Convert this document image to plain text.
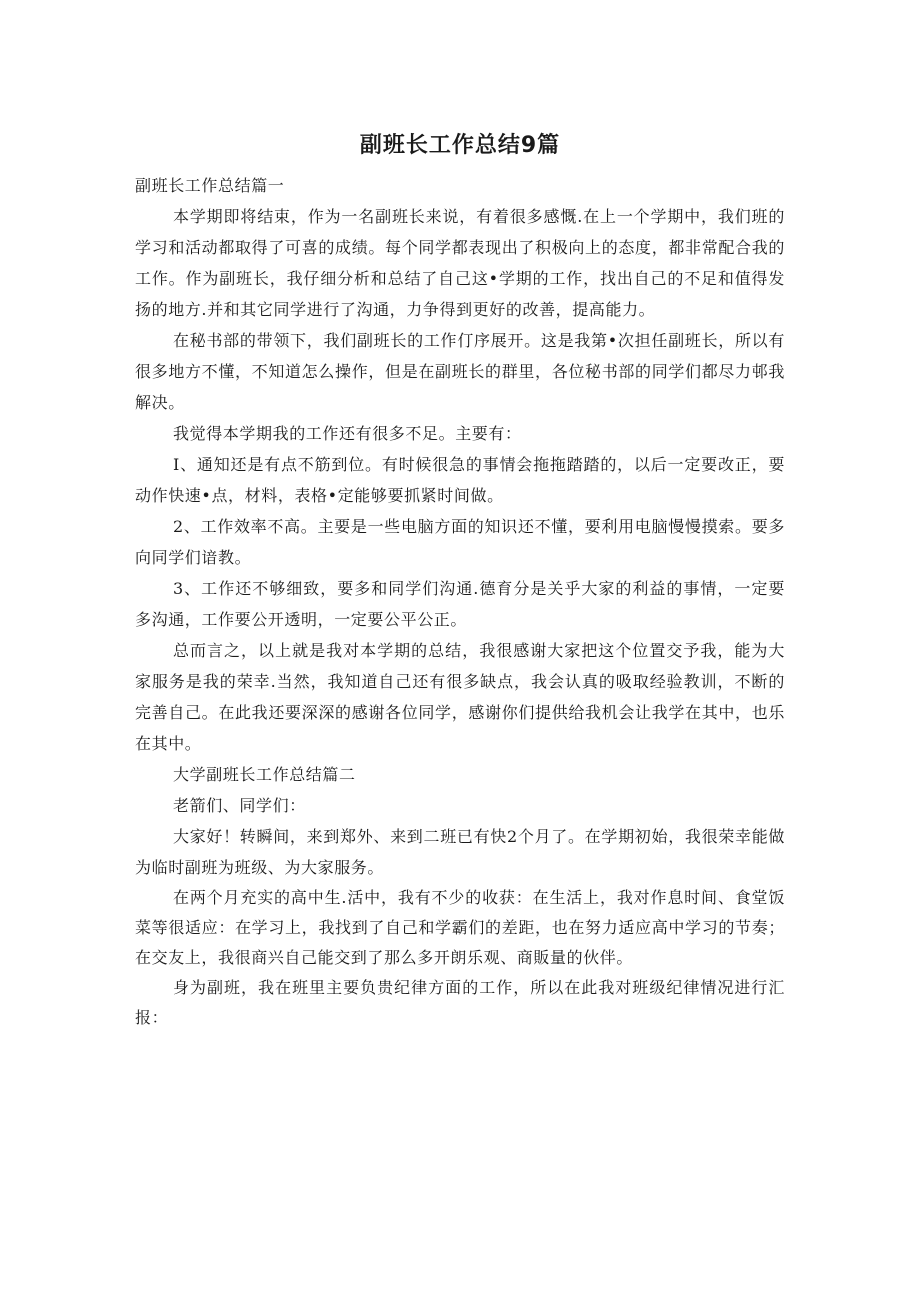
副班长工作总结9篇

副班长工作总结篇一

本学期即将结束，作为一名副班长来说，有着很多感慨.在上一个学期中，我们班的学习和活动都取得了可喜的成绩。每个同学都表现出了积极向上的态度，都非常配合我的工作。作为副班长，我仔细分析和总结了自己这•学期的工作，找出自己的不足和值得发扬的地方.并和其它同学进行了沟通，力争得到更好的改善，提高能力。

在秘书部的带领下，我们副班长的工作仃序展开。这是我第•次担任副班长，所以有很多地方不懂，不知道怎么操作，但是在副班长的群里，各位秘书部的同学们都尽力邨我解决。

我觉得本学期我的工作还有很多不足。主要有：

I、通知还是有点不筋到位。有时候很急的事情会拖拖踏踏的，以后一定要改正，要动作快速•点，材料，表格•定能够要抓紧时间做。

2、工作效率不高。主要是一些电脑方面的知识还不懂，要利用电脑慢慢摸索。要多向同学们谙教。

3、工作还不够细致，要多和同学们沟通.德育分是关乎大家的利益的事情，一定要多沟通，工作要公开透明，一定要公平公正。

总而言之，以上就是我对本学期的总结，我很感谢大家把这个位置交予我，能为大家服务是我的荣幸.当然，我知道自己还有很多缺点，我会认真的吸取经验教训，不断的完善自己。在此我还要深深的感谢各位同学，感谢你们提供给我机会让我学在其中，也乐在其中。

大学副班长工作总结篇二

老箭们、同学们：

大家好！转瞬间，来到郑外、来到二班已有快2个月了。在学期初始，我很荣幸能做为临时副班为班级、为大家服务。

在两个月充实的高中生.活中，我有不少的收获：在生活上，我对作息时间、食堂饭菜等很适应：在学习上，我找到了自己和学霸们的差距，也在努力适应高中学习的节奏；在交友上，我很商兴自己能交到了那么多开朗乐观、商販量的伙伴。

身为副班，我在班里主要负贵纪律方面的工作，所以在此我对班级纪律情况进行汇报：
